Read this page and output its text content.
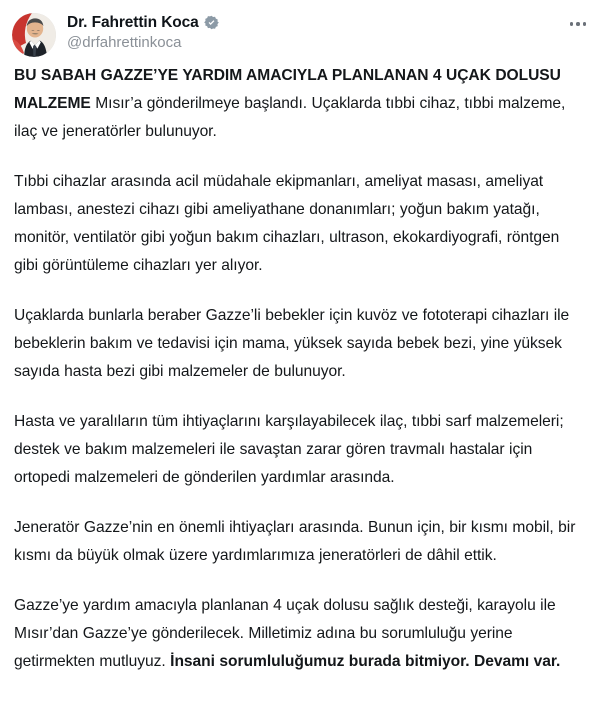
Dr. Fahrettin Koca
@drfahrettinkoca

BU SABAH GAZZE’YE YARDIM AMACIYLA PLANLANAN 4 UÇAK DOLUSU MALZEME Mısır’a gönderilmeye başlandı. Uçaklarda tıbbi cihaz, tıbbi malzeme, ilaç ve jeneratörler bulunuyor.

Tıbbi cihazlar arasında acil müdahale ekipmanları, ameliyat masası, ameliyat lambası, anestezi cihazı gibi ameliyathane donanımları; yoğun bakım yatağı, monitör, ventilatör gibi yoğun bakım cihazları, ultrason, ekokardiyografi, röntgen gibi görüntüleme cihazları yer alıyor.

Uçaklarda bunlarla beraber Gazze’li bebekler için kuvöz ve fototerapi cihazları ile bebeklerin bakım ve tedavisi için mama, yüksek sayıda bebek bezi, yine yüksek sayıda hasta bezi gibi malzemeler de bulunuyor.

Hasta ve yaralıların tüm ihtiyaçlarını karşılayabilecek ilaç, tıbbi sarf malzemeleri; destek ve bakım malzemeleri ile savaştan zarar gören travmalı hastalar için ortopedi malzemeleri de gönderilen yardımlar arasında.

Jeneratör Gazze’nin en önemli ihtiyaçları arasında. Bunun için, bir kısmı mobil, bir kısmı da büyük olmak üzere yardımlarımıza jeneratörleri de dâhil ettik.

Gazze’ye yardım amacıyla planlanan 4 uçak dolusu sağlık desteği, karayolu ile Mısır’dan Gazze’ye gönderilecek. Milletimiz adına bu sorumluluğu yerine getirmekten mutluyuz. İnsani sorumluluğumuz burada bitmiyor. Devamı var.
